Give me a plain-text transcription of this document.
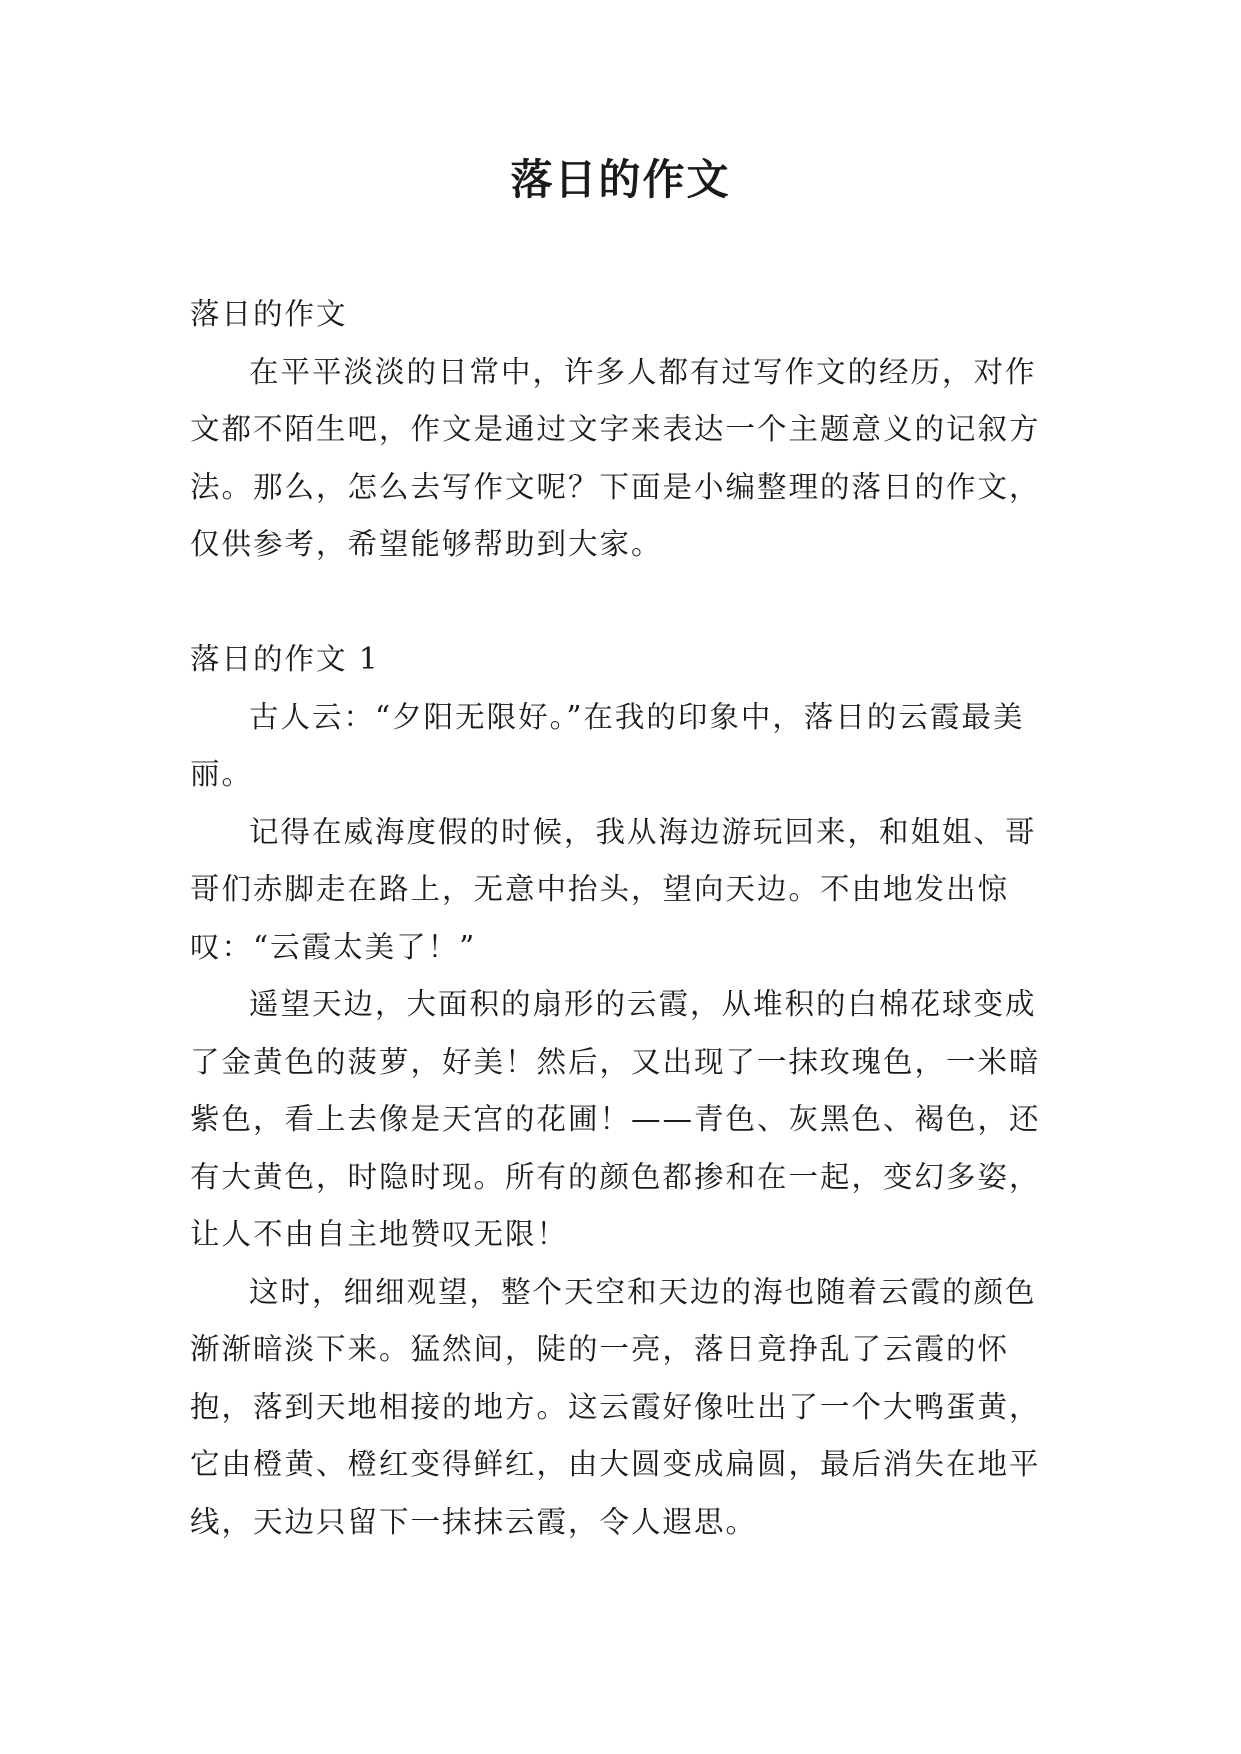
落日的作文

落日的作文

在平平淡淡的日常中，许多人都有过写作文的经历，对作文都不陌生吧，作文是通过文字来表达一个主题意义的记叙方法。那么，怎么去写作文呢？下面是小编整理的落日的作文，仅供参考，希望能够帮助到大家。

落日的作文 1

古人云：“夕阳无限好。”在我的印象中，落日的云霞最美丽。

记得在威海度假的时候，我从海边游玩回来，和姐姐、哥哥们赤脚走在路上，无意中抬头，望向天边。不由地发出惊叹：“云霞太美了！”

遥望天边，大面积的扇形的云霞，从堆积的白棉花球变成了金黄色的菠萝，好美！然后，又出现了一抹玫瑰色，一米暗紫色，看上去像是天宫的花圃！——青色、灰黑色、褐色，还有大黄色，时隐时现。所有的颜色都掺和在一起，变幻多姿，让人不由自主地赞叹无限！

这时，细细观望，整个天空和天边的海也随着云霞的颜色渐渐暗淡下来。猛然间，陡的一亮，落日竟挣乱了云霞的怀抱，落到天地相接的地方。这云霞好像吐出了一个大鸭蛋黄，它由橙黄、橙红变得鲜红，由大圆变成扁圆，最后消失在地平线，天边只留下一抹抹云霞，令人遐思。
